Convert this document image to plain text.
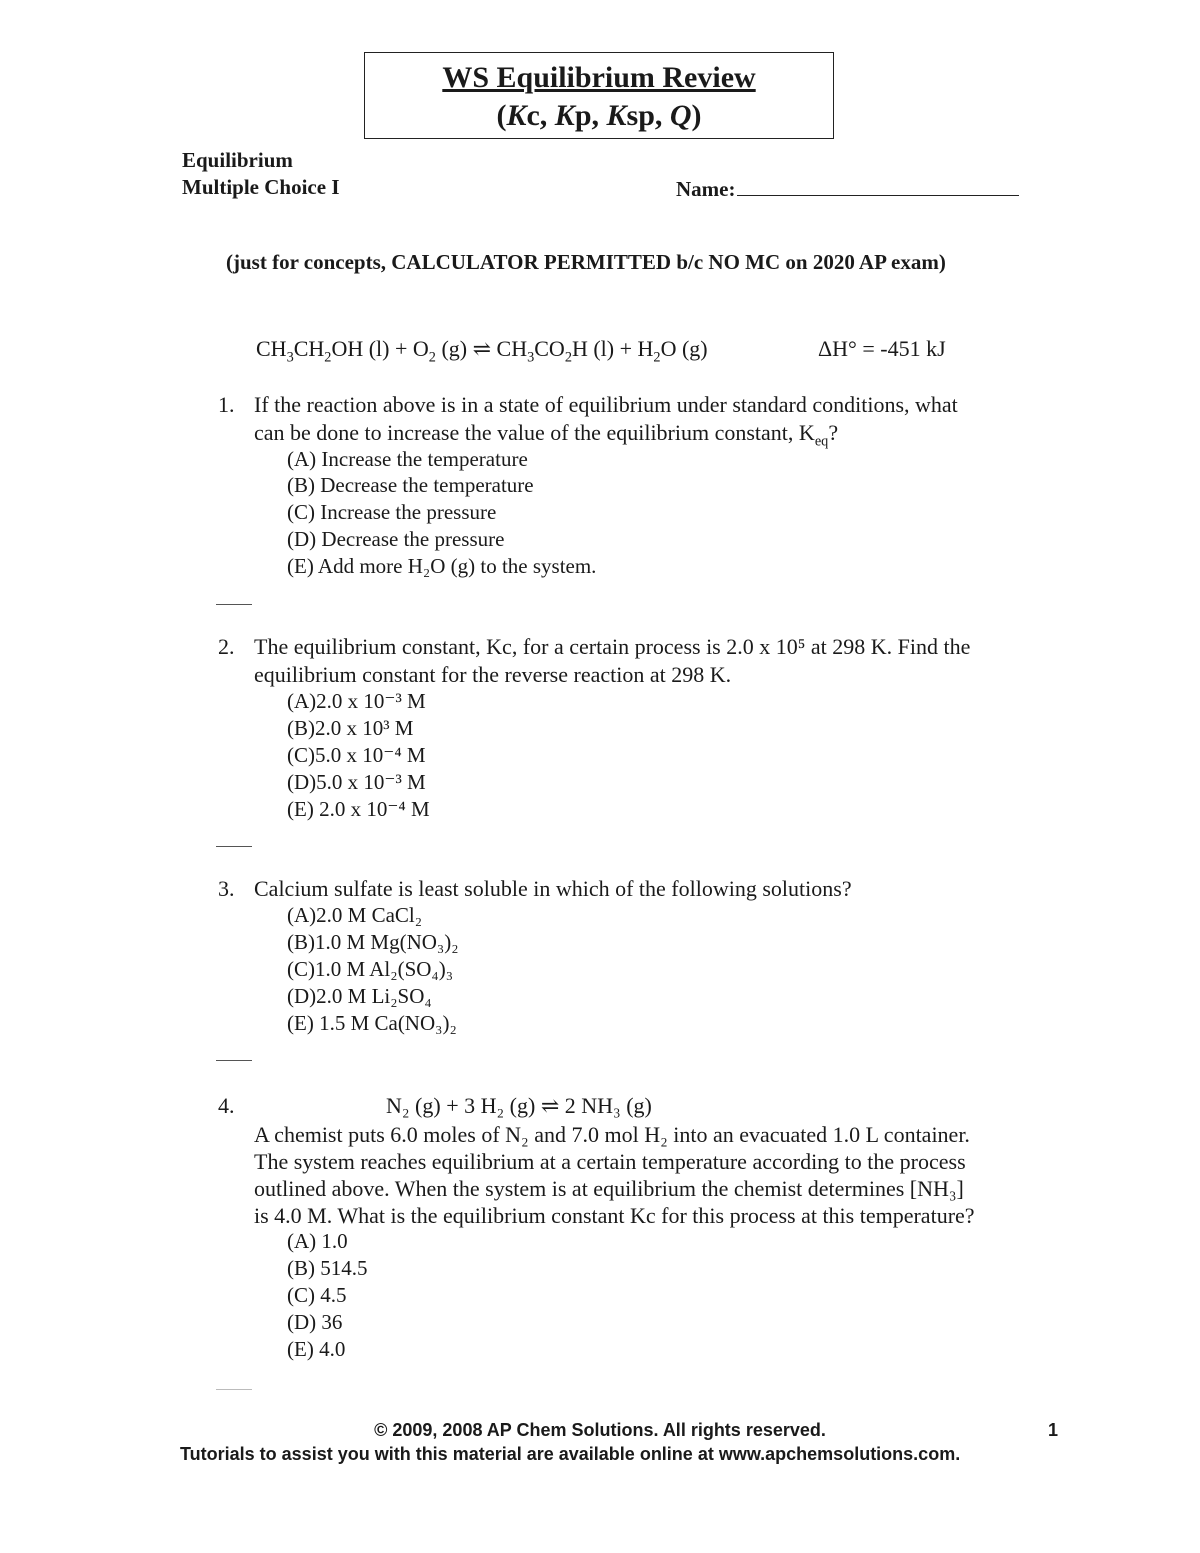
WS Equilibrium Review
(Kc, Kp, Ksp, Q)
Equilibrium
Multiple Choice I	Name:
(just for concepts, CALCULATOR PERMITTED b/c NO MC on 2020 AP exam)
$CH_3CH_2OH$ $(l) + O_2$ (g) ⇌ $CH_3CO_2H$ $(l) + H_2O$ (g)	ΔH° = -451 kJ
1. If the reaction above is in a state of equilibrium under standard conditions, what
can be done to increase the value of the equilibrium constant, $K_{eq}$?
(A) Increase the temperature
(B) Decrease the temperature
(C) Increase the pressure
(D) Decrease the pressure
(E) Add more H₂O (g) to the system.
2. The equilibrium constant, Kc, for a certain process is 2.0 x 10⁵ at 298 K. Find the
equilibrium constant for the reverse reaction at 298 K.
(A)2.0 x 10⁻³ M
(B)2.0 x 10³ M
(C)5.0 x 10⁻⁴ M
(D)5.0 x 10⁻³ M
(E) 2.0 x 10⁻⁴ M
3. Calcium sulfate is least soluble in which of the following solutions?
(A)2.0 M CaCl₂
(B)1.0 M Mg(NO₃)₂
(C)1.0 M Al₂(SO₄)₃
(D)2.0 M Li₂SO₄
(E) 1.5 M Ca(NO₃)₂
4.	N₂ (g) + 3 H₂ (g) ⇌ 2 NH₃ (g)
A chemist puts 6.0 moles of N₂ and 7.0 mol H₂ into an evacuated 1.0 L container.
The system reaches equilibrium at a certain temperature according to the process
outlined above. When the system is at equilibrium the chemist determines [NH₃]
is 4.0 M. What is the equilibrium constant Kc for this process at this temperature?
(A) 1.0
(B) 514.5
(C) 4.5
(D) 36
(E) 4.0
© 2009, 2008 AP Chem Solutions. All rights reserved.	1
Tutorials to assist you with this material are available online at www.apchemsolutions.com.
